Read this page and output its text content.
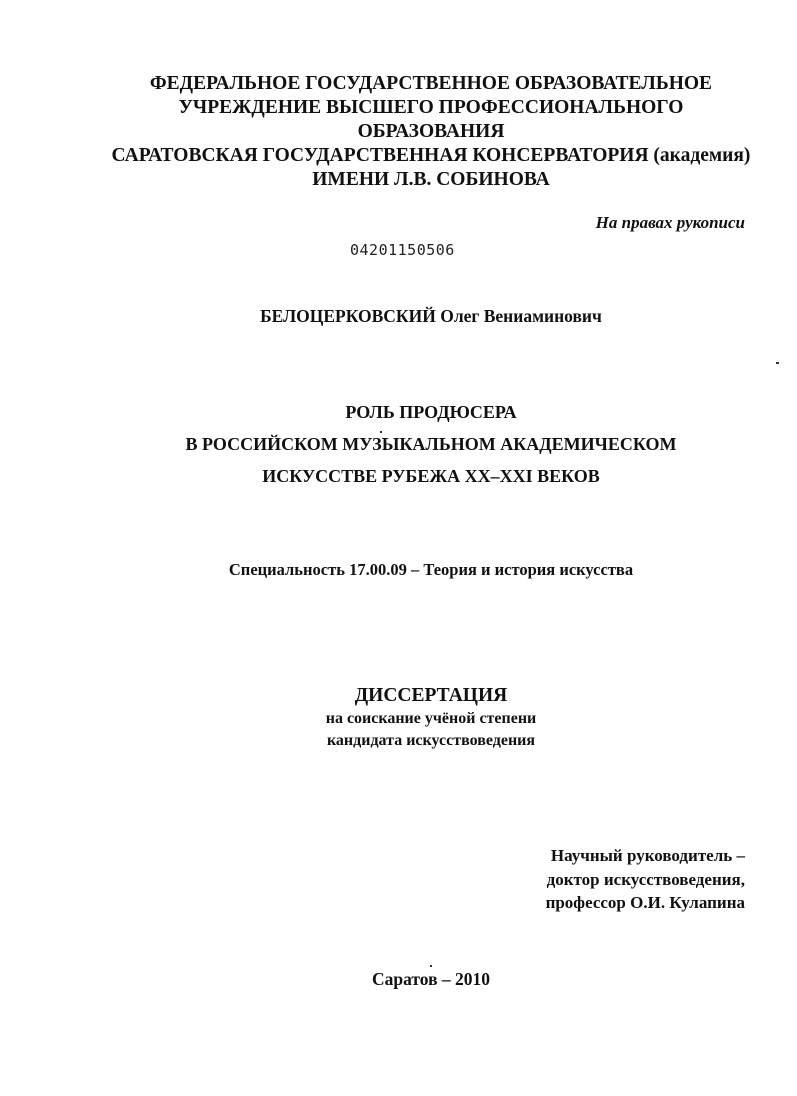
ФЕДЕРАЛЬНОЕ ГОСУДАРСТВЕННОЕ ОБРАЗОВАТЕЛЬНОЕ
УЧРЕЖДЕНИЕ ВЫСШЕГО ПРОФЕССИОНАЛЬНОГО
ОБРАЗОВАНИЯ
САРАТОВСКАЯ ГОСУДАРСТВЕННАЯ КОНСЕРВАТОРИЯ (академия)
ИМЕНИ Л.В. СОБИНОВА
На правах рукописи
04201150506
БЕЛОЦЕРКОВСКИЙ Олег Вениаминович
РОЛЬ ПРОДЮСЕРА
В РОССИЙСКОМ МУЗЫКАЛЬНОМ АКАДЕМИЧЕСКОМ
ИСКУССТВЕ РУБЕЖА XX–XXI ВЕКОВ
Специальность 17.00.09 – Теория и история искусства
ДИССЕРТАЦИЯ
на соискание учёной степени
кандидата искусствоведения
Научный руководитель –
доктор искусствоведения,
профессор О.И. Кулапина
Саратов – 2010
